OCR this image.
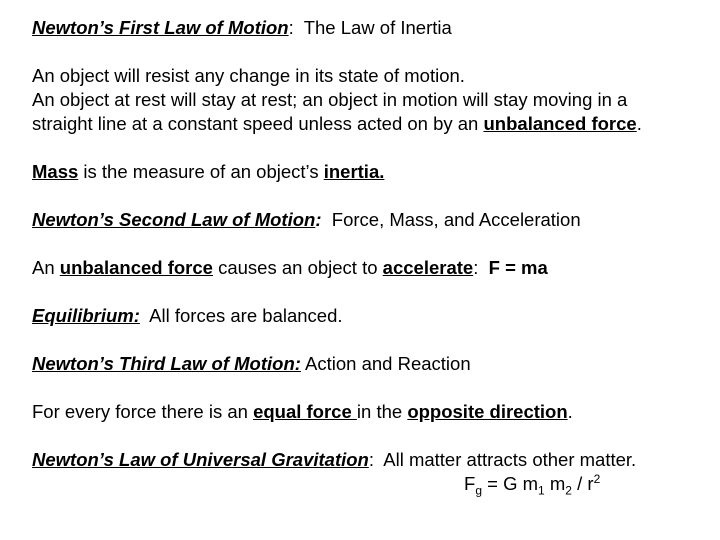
Newton’s First Law of Motion:  The Law of Inertia
An object will resist any change in its state of motion.
An object at rest will stay at rest; an object in motion will stay moving in a
straight line at a constant speed unless acted on by an unbalanced force.
Mass is the measure of an object’s inertia.
Newton’s Second Law of Motion:  Force, Mass, and Acceleration
An unbalanced force causes an object to accelerate:  F = ma
Equilibrium:  All forces are balanced.
Newton’s Third Law of Motion: Action and Reaction
For every force there is an equal force in the opposite direction.
Newton’s Law of Universal Gravitation:  All matter attracts other matter.
$F_g = G$ $m_1$ $m_2 / r^2$
